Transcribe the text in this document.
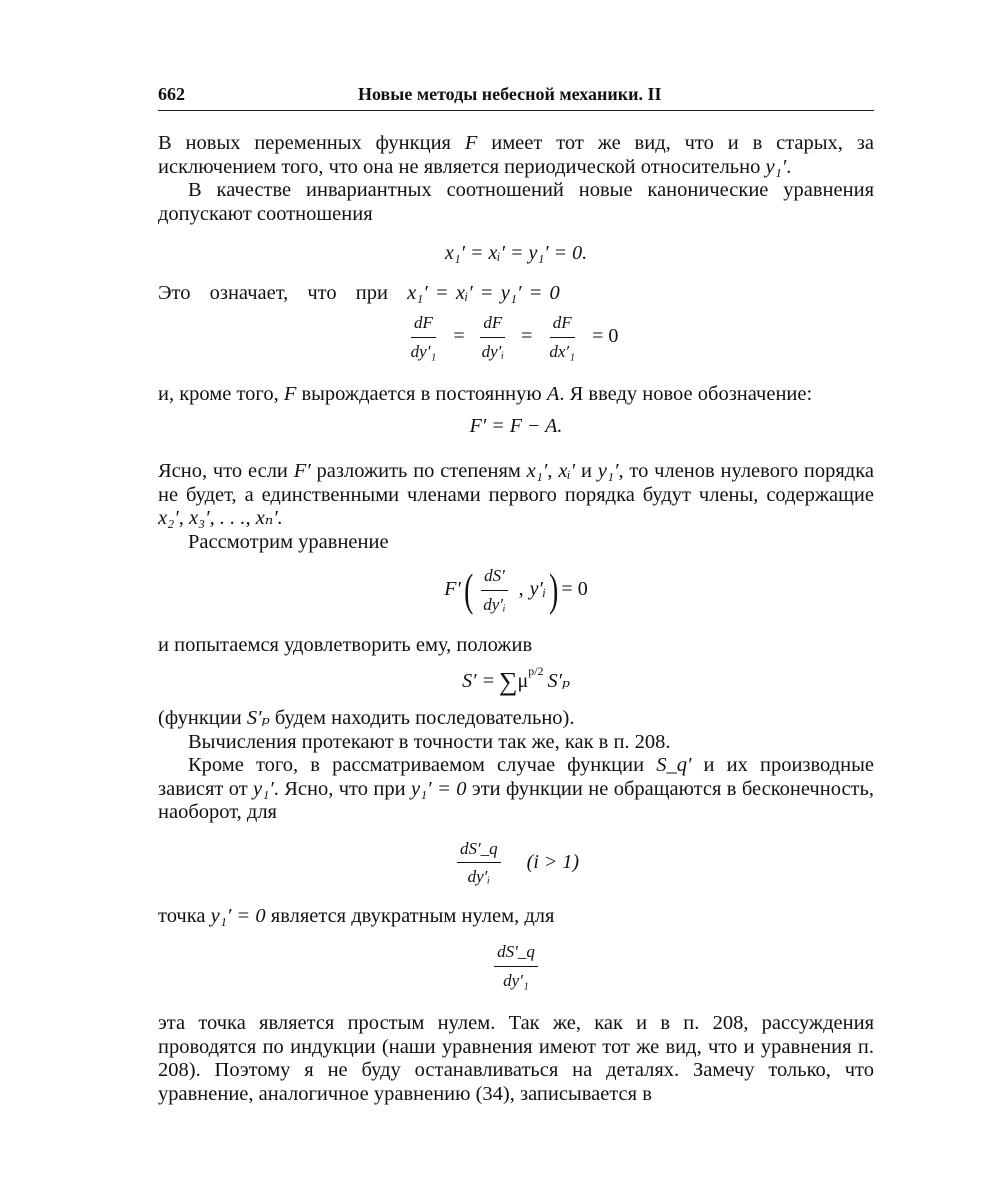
662	Новые методы небесной механики. II

В новых переменных функция F имеет тот же вид, что и в старых, за исключением того, что она не является периодической относительно y₁′.

В качестве инвариантных соотношений новые канонические уравнения допускают соотношения

x₁′ = xᵢ′ = y₁′ = 0.

Это означает, что при x₁′ = xᵢ′ = y₁′ = 0

$\frac{dF}{\text{dy′₁}} = \frac{dF}{\text{dy′ᵢ}} = \frac{dF}{\text{dx′₁}} = 0$

и, кроме того, F вырождается в постоянную A. Я введу новое обозначение:

F′ = F − A.

Ясно, что если F′ разложить по степеням x₁′, xᵢ′ и y₁′, то членов нулевого порядка не будет, а единственными членами первого порядка будут члены, содержащие x₂′, x₃′, . . ., xₙ′.

Рассмотрим уравнение

F′ ( $\frac{dS'}{\text{dy′ᵢ}}$ , y′ᵢ ) = 0

и попытаемся удовлетворить ему, положив

S′ = ∑ $\mu^{p/2}$ S′ₚ

(функции S′ₚ будем находить последовательно).

Вычисления протекают в точности так же, как в п. 208.

Кроме того, в рассматриваемом случае функции S_q′ и их производные зависят от y₁′. Ясно, что при y₁′ = 0 эти функции не обращаются в бесконечность, наоборот, для

$\frac{dS'\_q}{\text{dy′ᵢ}} (i > 1)$

точка y₁′ = 0 является двукратным нулем, для

$\frac{dS'\_q}{\text{dy′₁}}$

эта точка является простым нулем. Так же, как и в п. 208, рассуждения проводятся по индукции (наши уравнения имеют тот же вид, что и уравнения п. 208). Поэтому я не буду останавливаться на деталях. Замечу только, что уравнение, аналогичное уравнению (34), записывается в
